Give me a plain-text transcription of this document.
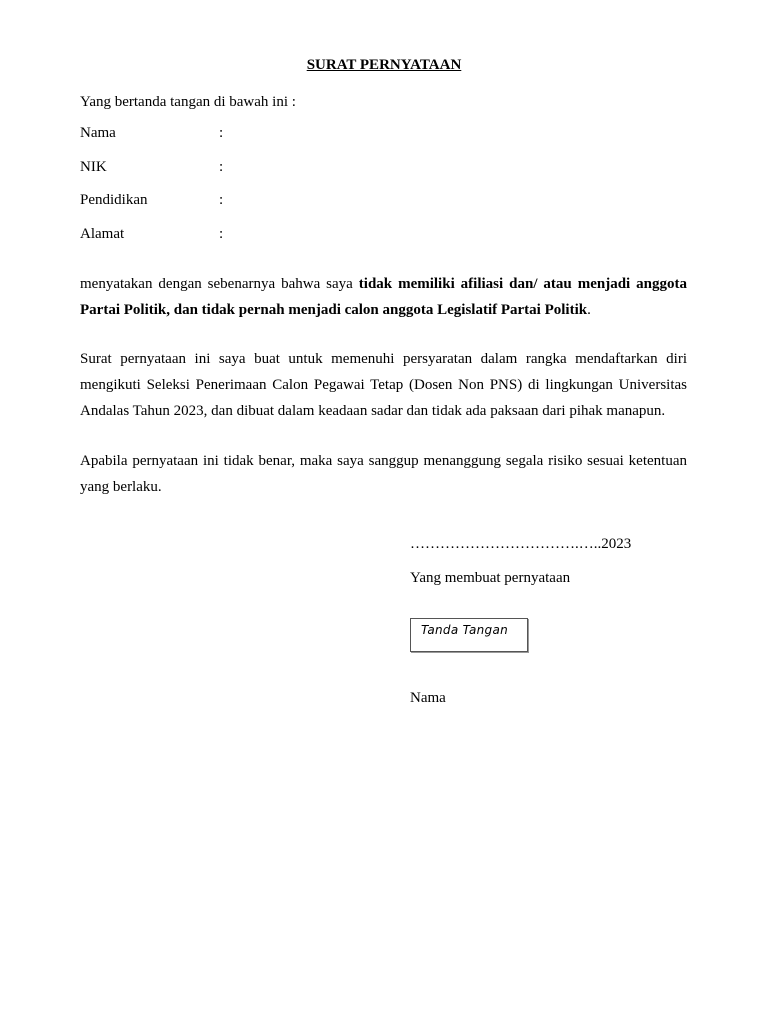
SURAT PERNYATAAN
Yang bertanda tangan di bawah ini :
Nama	:
NIK	:
Pendidikan	:
Alamat	:
menyatakan dengan sebenarnya bahwa saya tidak memiliki afiliasi dan/ atau menjadi anggota Partai Politik, dan tidak pernah menjadi calon anggota Legislatif Partai Politik.
Surat pernyataan ini saya buat untuk memenuhi persyaratan dalam rangka mendaftarkan diri mengikuti Seleksi Penerimaan Calon Pegawai Tetap (Dosen Non PNS) di lingkungan Universitas Andalas Tahun 2023, dan dibuat dalam keadaan sadar dan tidak ada paksaan dari pihak manapun.
Apabila pernyataan ini tidak benar, maka saya sanggup menanggung segala risiko sesuai ketentuan yang berlaku.
…………………………….…..2023
Yang membuat pernyataan
Tanda Tangan
Nama
